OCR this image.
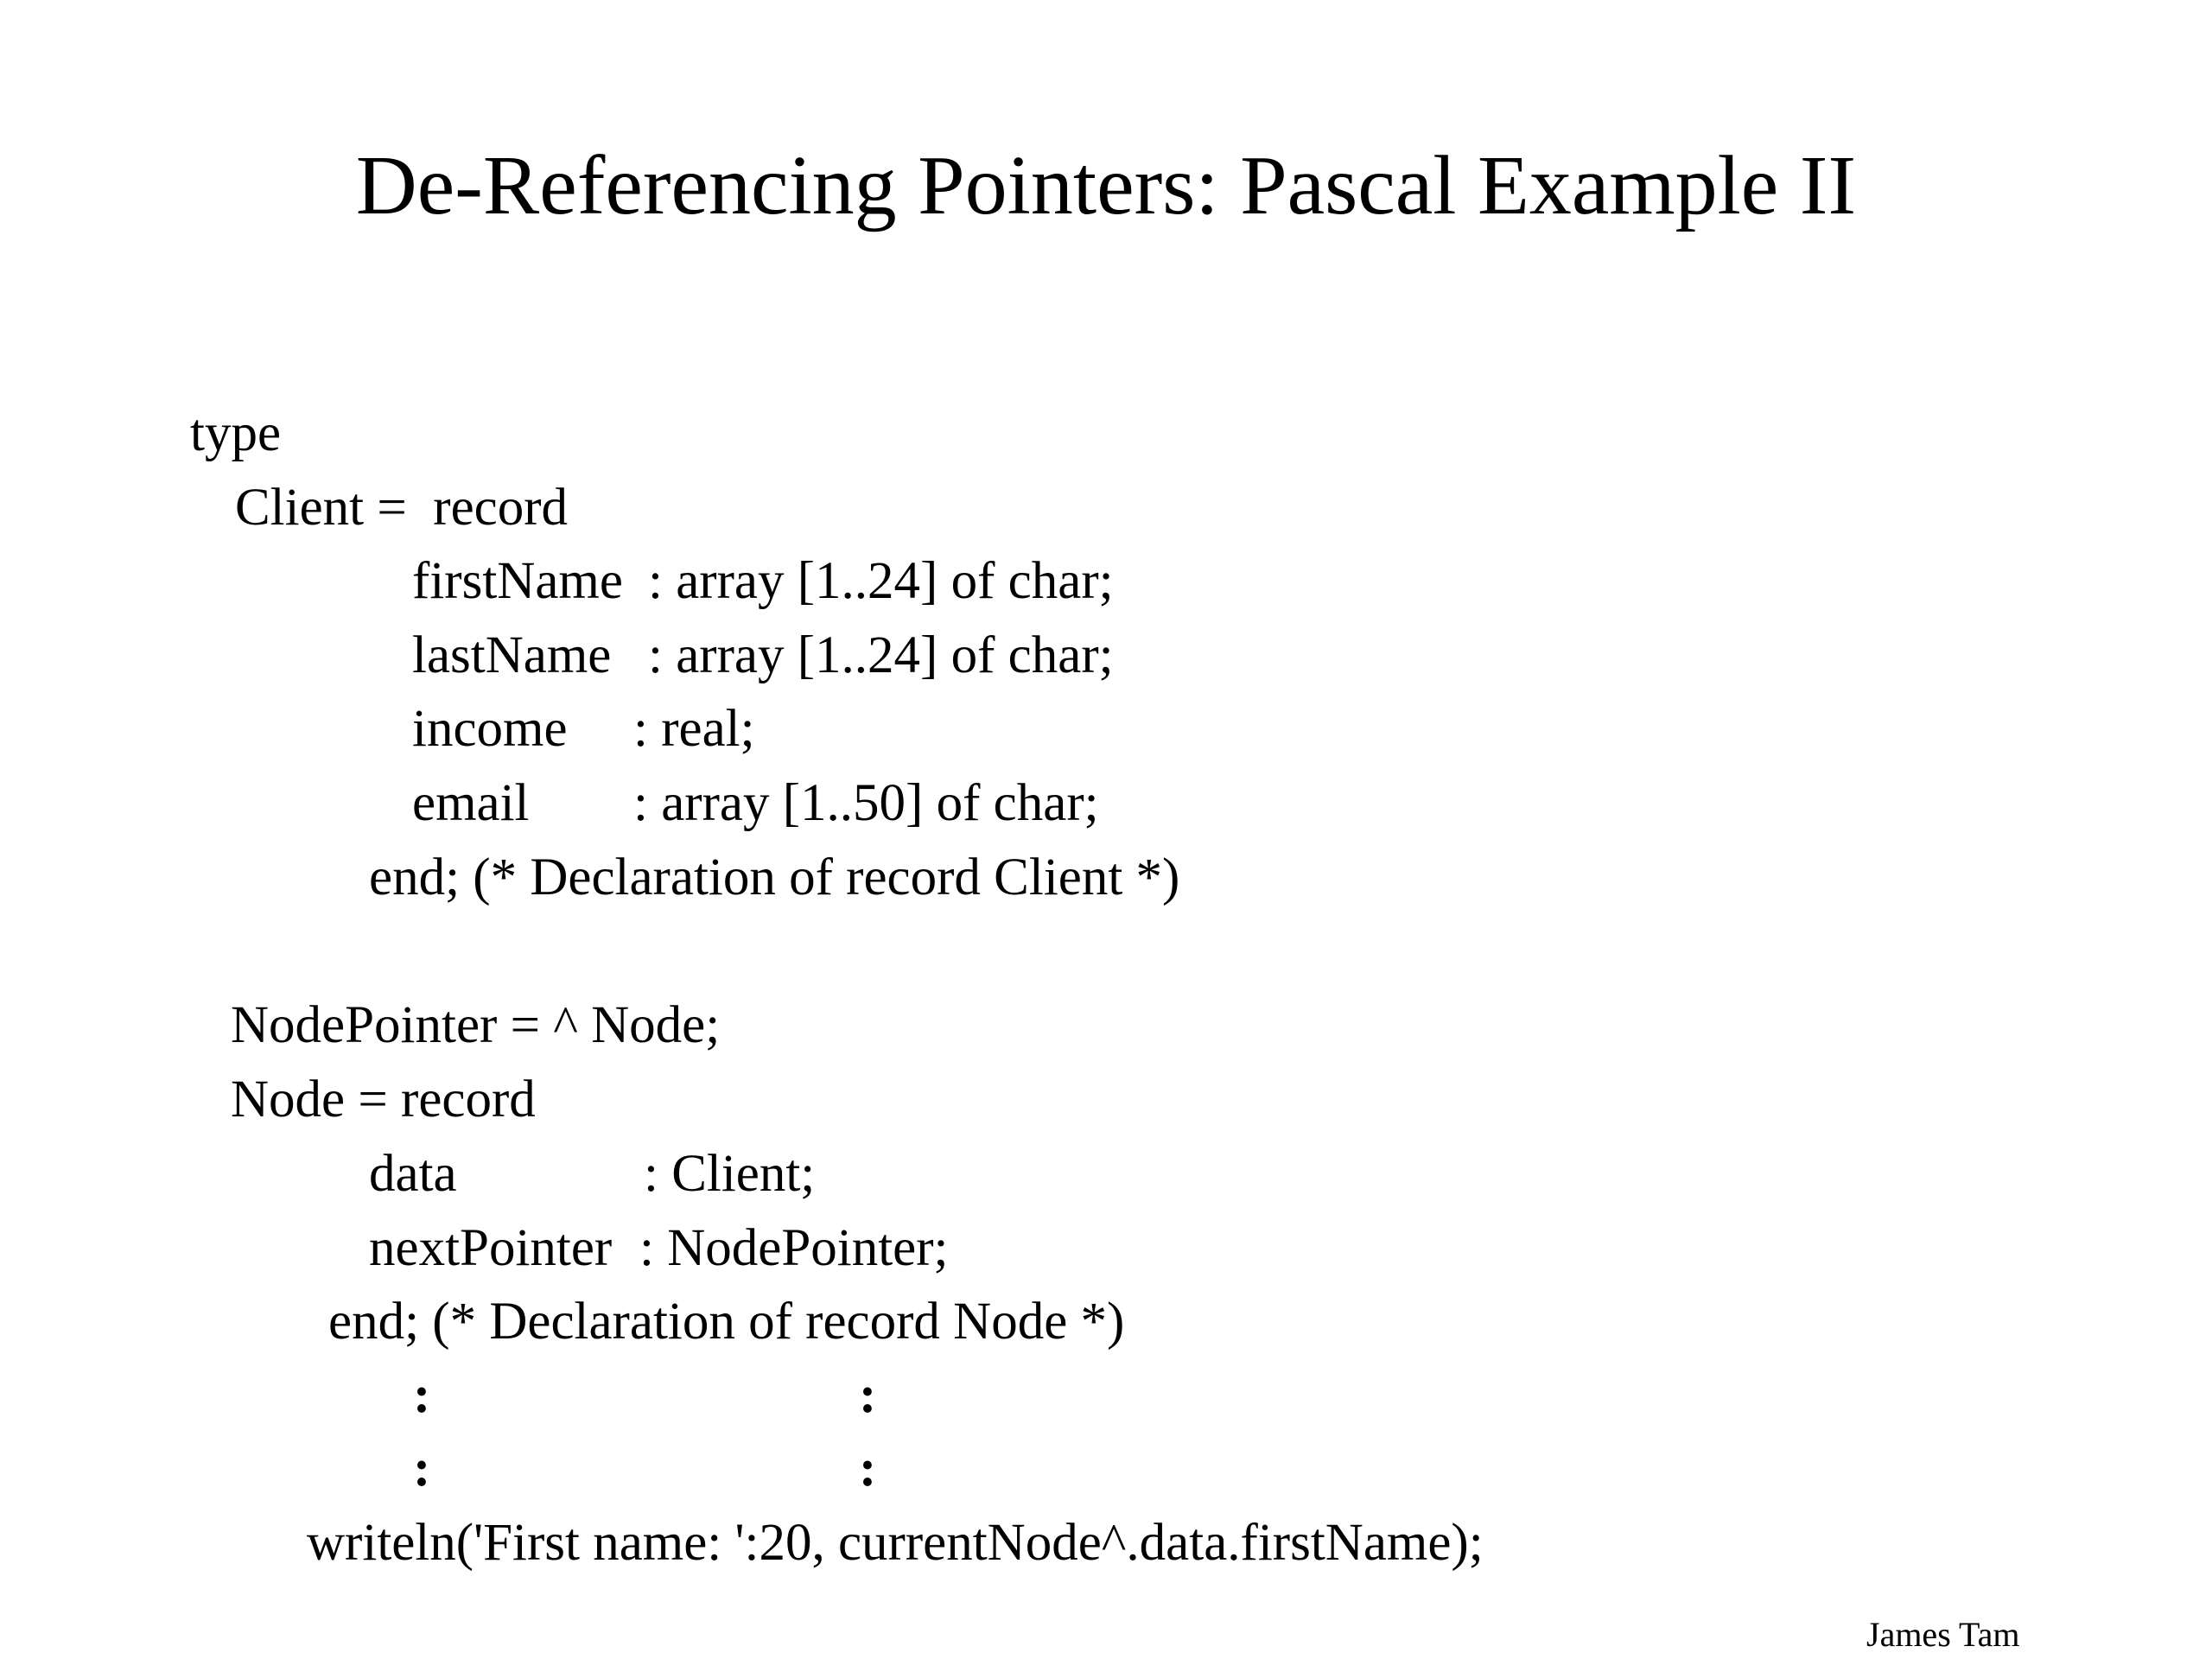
De-Referencing Pointers: Pascal Example II
type
Client =  record
firstName : array [1..24] of char;
lastName : array [1..24] of char;
income : real;
email : array [1..50] of char;
end; (* Declaration of record Client *)
NodePointer = ^ Node;
Node = record
data	: Client;
nextPointer : NodePointer;
end; (* Declaration of record Node *)
:	:
:	:
writeln('First name: ':20, currentNode^.data.firstName);
James Tam
